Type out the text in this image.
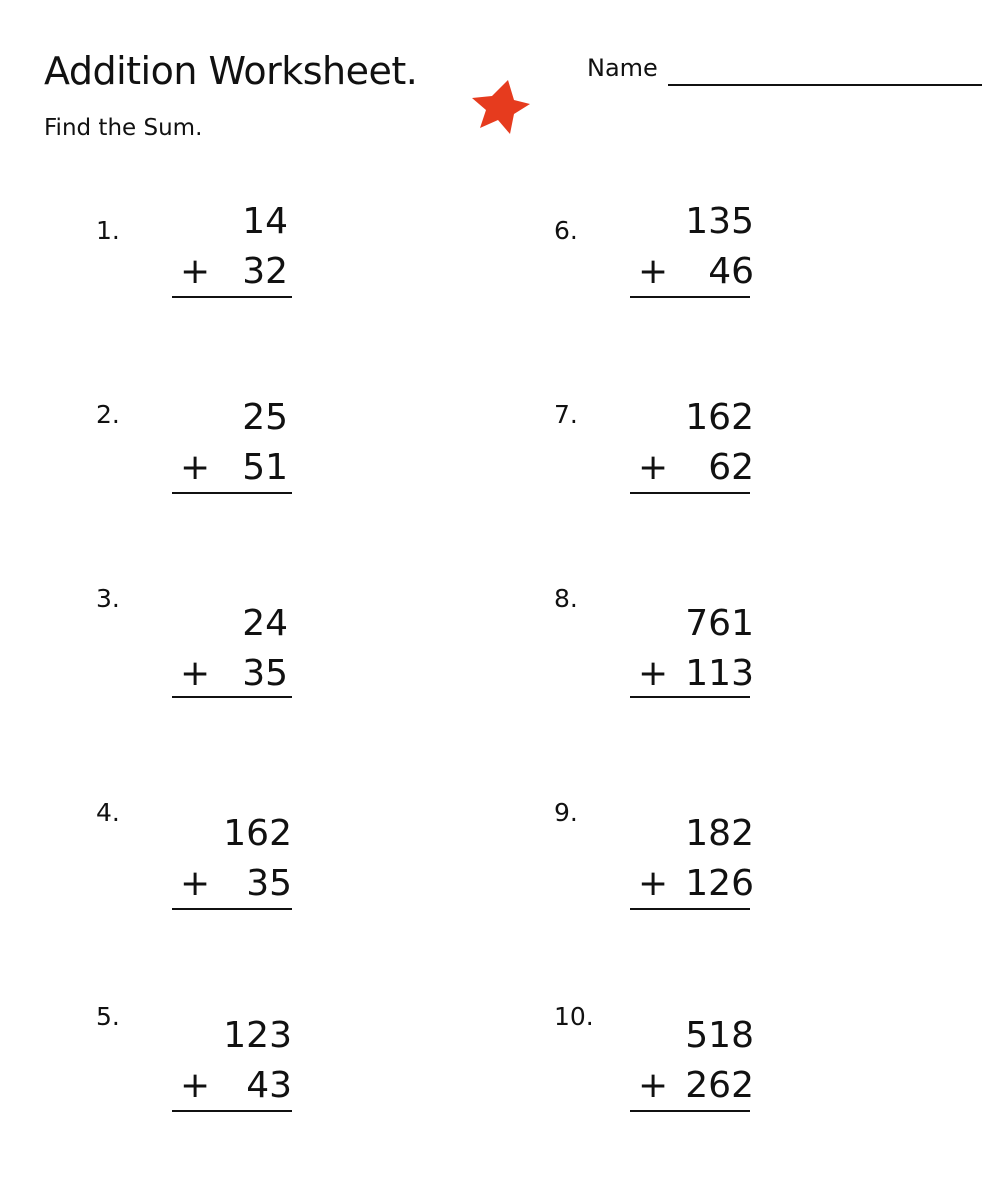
Addition Worksheet.
Find the Sum.
Name
1.	14
+ 32
2.	25
+ 51
3.
24
+ 35
4.
162
+	35
5.	123
+	43
6.	135
+	46
7.	162
+	62
8.
761
+ 113
9.
182
+ 126
10.	518
+ 262
